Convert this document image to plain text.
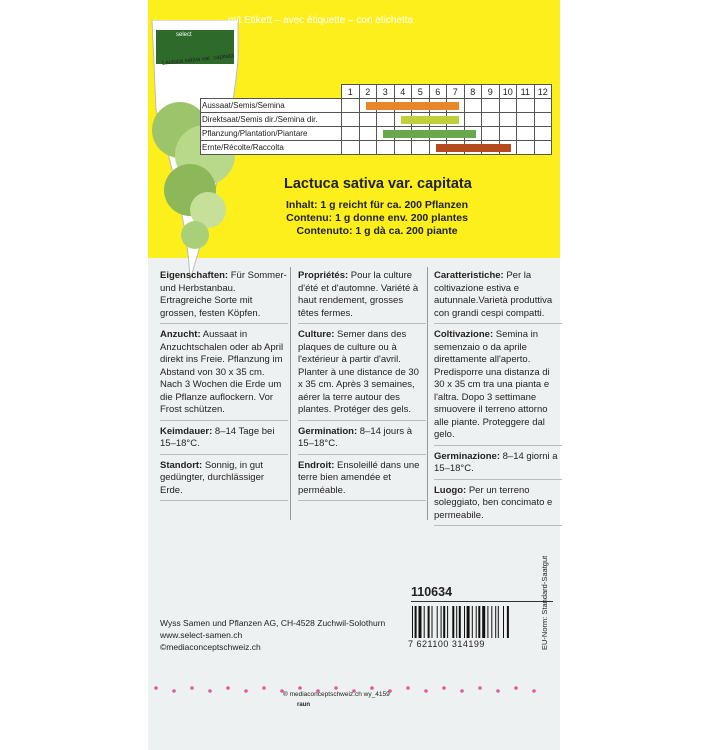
select
Lactuca sativa var. capitata
mit Etikett – avec étiquette – con etichetta
	1	2	3	4	5	6	7	8	9	10	11	12
Aussaat/Semis/Semina		

Direktsaat/Semis dir./Semina dir.				

Pflanzung/Plantation/Piantare			

Ernte/Récolte/Raccolta						

Lactuca sativa var. capitata
Inhalt: 1 g reicht für ca. 200 Pflanzen
Contenu: 1 g donne env. 200 plantes
Contenuto: 1 g dà ca. 200 piante
Eigenschaften: Für Sommer- und Herbstanbau. Ertragreiche Sorte mit grossen, festen Köpfen.
Anzucht: Aussaat in Anzuchtschalen oder ab April direkt ins Freie. Pflanzung im Abstand von 30 x 35 cm. Nach 3 Wochen die Erde um die Pflanze auflockern. Vor Frost schützen.
Keimdauer: 8–14 Tage bei 15–18°C.
Standort: Sonnig, in gut gedüngter, durchlässiger Erde.
Propriétés: Pour la culture d'été et d'automne. Variété à haut rendement, grosses têtes fermes.
Culture: Semer dans des plaques de culture ou à l'extérieur à partir d'avril. Planter à une distance de 30 x 35 cm. Après 3 semaines, aérer la terre autour des plantes. Protéger des gels.
Germination: 8–14 jours à 15–18°C.
Endroit: Ensoleillé dans une terre bien amendée et perméable.
Caratteristiche: Per la coltivazione estiva e autunnale.Varietà produttiva con grandi cespi compatti.
Coltivazione: Semina in semenzaio o da aprile direttamente all'aperto. Predisporre una distanza di 30 x 35 cm tra una pianta e l'altra. Dopo 3 settimane smuovere il terreno attorno alle piante. Proteggere dal gelo.
Germinazione: 8–14 giorni a 15–18°C.
Luogo: Per un terreno soleggiato, ben concimato e permeabile.
110634
Wyss Samen und Pflanzen AG, CH-4528 Zuchwil-Solothurn
www.select-samen.ch
©mediaconceptschweiz.ch	7 621100 314199	EU-Norm: Standard-Saatgut
® mediaconceptschweiz.ch wy_4159
raun
